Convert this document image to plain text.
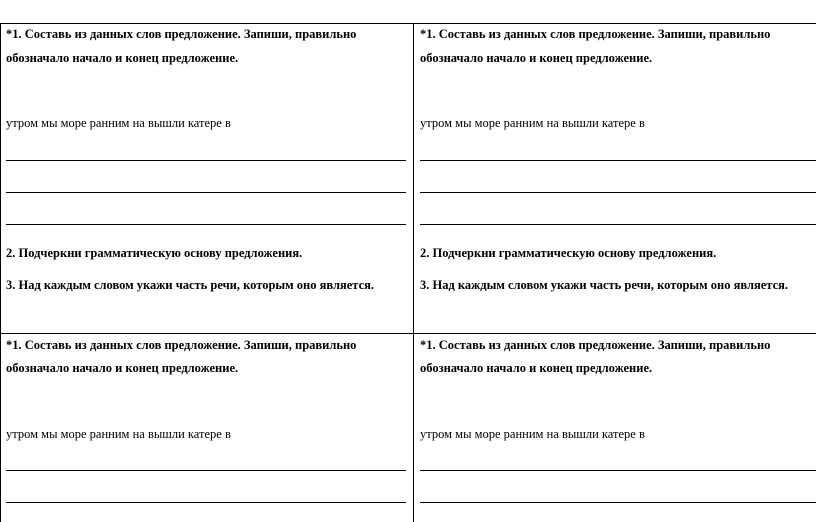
*1. Составь из данных слов предложение. Запиши, правильно
обозначало начало и конец предложение.
утром мы море ранним на вышли катере в
2. Подчеркни грамматическую основу предложения.
3. Над каждым словом укажи часть речи, которым оно является.
*1. Составь из данных слов предложение. Запиши, правильно
обозначало начало и конец предложение.
утром мы море ранним на вышли катере в
2. Подчеркни грамматическую основу предложения.
3. Над каждым словом укажи часть речи, которым оно является.
*1. Составь из данных слов предложение. Запиши, правильно
обозначало начало и конец предложение.
утром мы море ранним на вышли катере в
*1. Составь из данных слов предложение. Запиши, правильно
обозначало начало и конец предложение.
утром мы море ранним на вышли катере в
